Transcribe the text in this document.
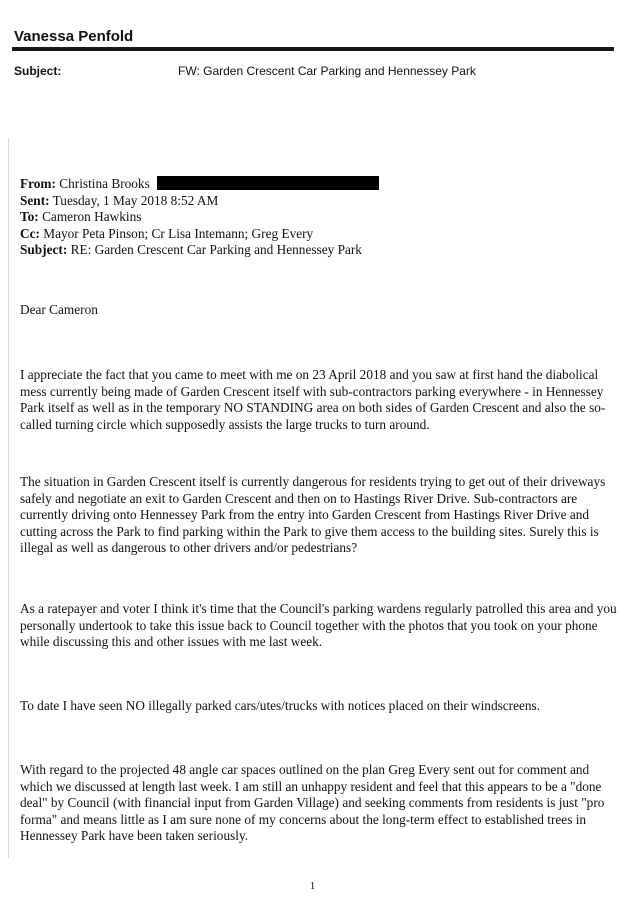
Vanessa Penfold
Subject:	FW: Garden Crescent Car Parking and Hennessey Park
From: Christina Brooks
Sent: Tuesday, 1 May 2018 8:52 AM
To: Cameron Hawkins
Cc: Mayor Peta Pinson; Cr Lisa Intemann; Greg Every
Subject: RE: Garden Crescent Car Parking and Hennessey Park
Dear Cameron
I appreciate the fact that you came to meet with me on 23 April 2018 and you saw at first hand the diabolical mess currently being made of Garden Crescent itself with sub-contractors parking everywhere - in Hennessey Park itself as well as in the temporary NO STANDING area on both sides of Garden Crescent and also the so-called turning circle which supposedly assists the large trucks to turn around.
The situation in Garden Crescent itself is currently dangerous for residents trying to get out of their driveways safely and negotiate an exit to Garden Crescent and then on to Hastings River Drive. Sub-contractors are currently driving onto Hennessey Park from the entry into Garden Crescent from Hastings River Drive and cutting across the Park to find parking within the Park to give them access to the building sites. Surely this is illegal as well as dangerous to other drivers and/or pedestrians?
As a ratepayer and voter I think it's time that the Council's parking wardens regularly patrolled this area and you personally undertook to take this issue back to Council together with the photos that you took on your phone while discussing this and other issues with me last week.
To date I have seen NO illegally parked cars/utes/trucks with notices placed on their windscreens.
With regard to the projected 48 angle car spaces outlined on the plan Greg Every sent out for comment and which we discussed at length last week. I am still an unhappy resident and feel that this appears to be a "done deal" by Council (with financial input from Garden Village) and seeking comments from residents is just "pro forma" and means little as I am sure none of my concerns about the long-term effect to established trees in Hennessey Park have been taken seriously.
1
